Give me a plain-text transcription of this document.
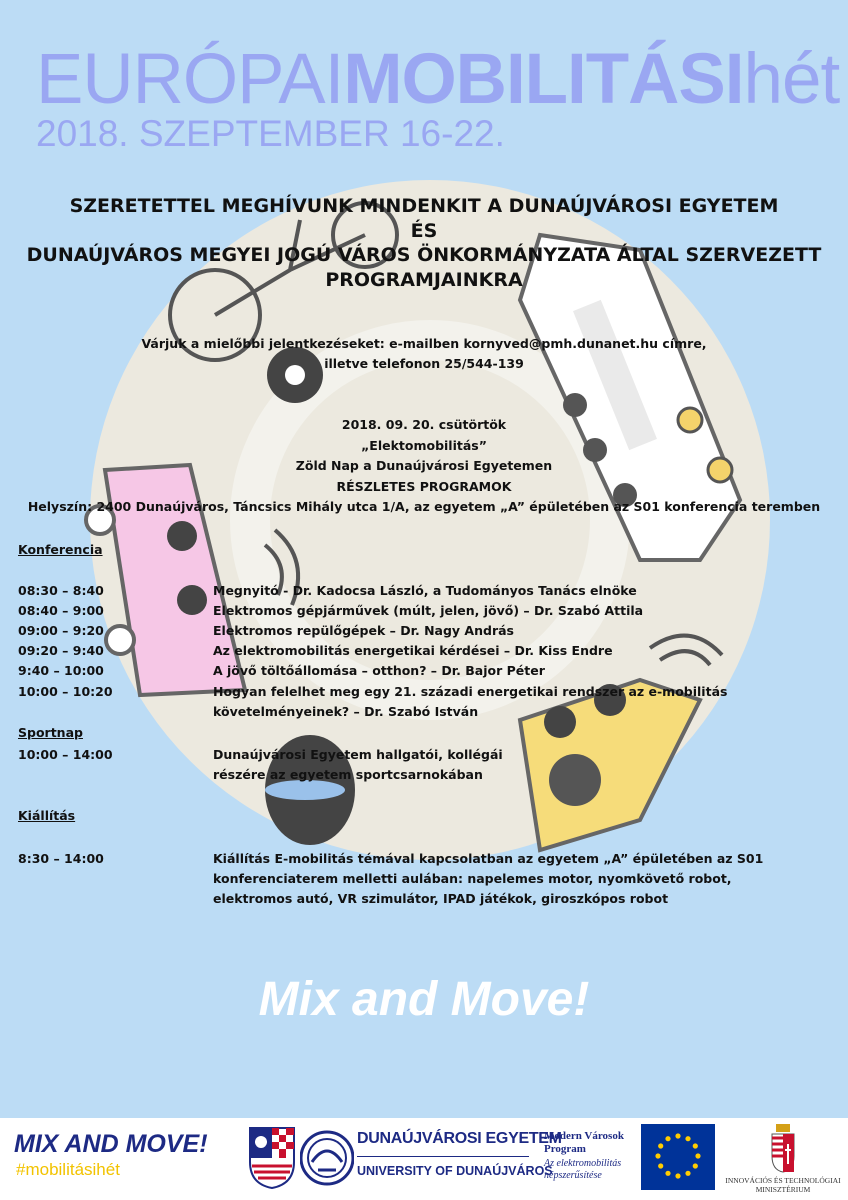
EURÓPAIMOBILITÁSIhét
2018. SZEPTEMBER 16-22.
SZERETETTEL MEGHÍVUNK MINDENKIT A DUNAÚJVÁROSI EGYETEM
ÉS
DUNAÚJVÁROS MEGYEI JOGÚ VÁROS ÖNKORMÁNYZATA ÁLTAL SZERVEZETT
PROGRAMJAINKRA
Várjuk a mielőbbi jelentkezéseket: e-mailben kornyved@pmh.dunanet.hu címre,
illetve telefonon 25/544-139
2018. 09. 20. csütörtök
„Elektomobilitás”
Zöld Nap a Dunaújvárosi Egyetemen
RÉSZLETES PROGRAMOK
Helyszín: 2400 Dunaújváros, Táncsics Mihály utca 1/A, az egyetem „A” épületében az S01 konferencia teremben
Konferencia
08:30 – 8:40	Megnyitó - Dr. Kadocsa László, a Tudományos Tanács elnöke
08:40 – 9:00	Elektromos gépjárművek (múlt, jelen, jövő) – Dr. Szabó Attila
09:00 – 9:20	Elektromos repülőgépek – Dr. Nagy András
09:20 – 9:40	Az elektromobilitás energetikai kérdései – Dr. Kiss Endre
9:40 – 10:00	A jövő töltőállomása – otthon? – Dr. Bajor Péter
10:00 – 10:20	Hogyan felelhet meg egy 21. századi energetikai rendszer az e-mobilitás követelményeinek? – Dr. Szabó István
Sportnap
10:00 – 14:00	Dunaújvárosi Egyetem hallgatói, kollégái részére az egyetem sportcsarnokában
Kiállítás
8:30 – 14:00	Kiállítás E-mobilitás témával kapcsolatban az egyetem „A” épületében az S01 konferenciaterem melletti aulában: napelemes motor, nyomkövető robot, elektromos autó, VR szimulátor, IPAD játékok, giroszkópos robot
Mix and Move!
MIX AND MOVE!
#mobilitásihét
DUNAÚJVÁROSI EGYETEM
UNIVERSITY OF DUNAÚJVÁROS
Modern Városok Program
Az elektromobilitás népszerűsítése	INNOVÁCIÓS ÉS TECHNOLÓGIAI MINISZTÉRIUM
